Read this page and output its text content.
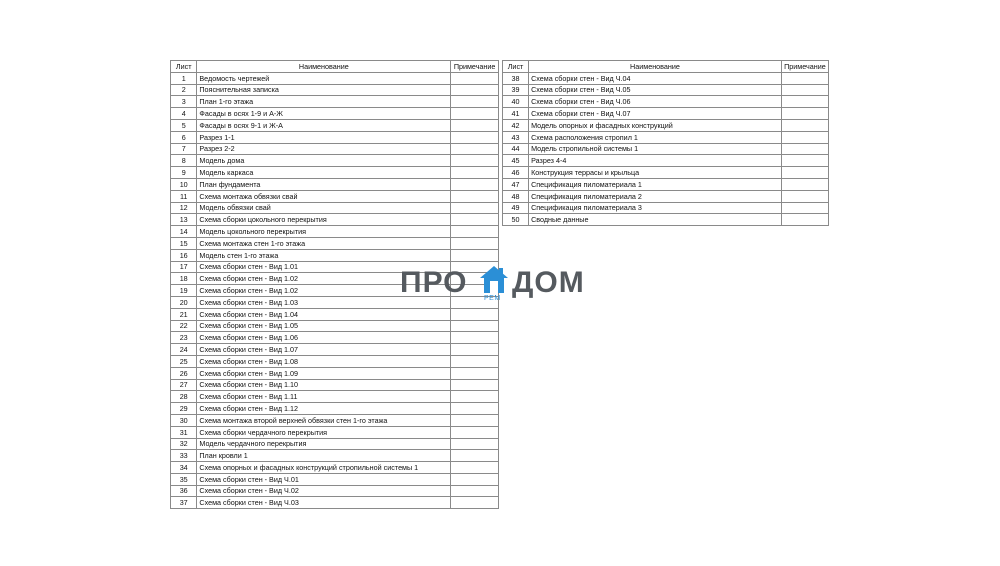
Лист	Наименование	Примечание
1	Ведомость чертежей	
2	Пояснительная записка	
3	План 1-го этажа	
4	Фасады в осях 1-9 и А-Ж	
5	Фасады в осях 9-1 и Ж-А	
6	Разрез 1-1	
7	Разрез 2-2	
8	Модель дома	
9	Модель каркаса	
10	План фундамента	
11	Схема монтажа обвязки свай	
12	Модель обвязки свай	
13	Схема сборки цокольного перекрытия	
14	Модель цокольного перекрытия	
15	Схема монтажа стен 1-го этажа	
16	Модель стен 1-го этажа	
17	Схема сборки стен - Вид 1.01	
18	Схема сборки стен - Вид 1.02	
19	Схема сборки стен - Вид 1.02	
20	Схема сборки стен - Вид 1.03	
21	Схема сборки стен - Вид 1.04	
22	Схема сборки стен - Вид 1.05	
23	Схема сборки стен - Вид 1.06	
24	Схема сборки стен - Вид 1.07	
25	Схема сборки стен - Вид 1.08	
26	Схема сборки стен - Вид 1.09	
27	Схема сборки стен - Вид 1.10	
28	Схема сборки стен - Вид 1.11	
29	Схема сборки стен - Вид 1.12	
30	Схема монтажа второй верхней обвязки стен 1-го этажа	
31	Схема сборки чердачного перекрытия	
32	Модель чердачного перекрытия	
33	План кровли 1	
34	Схема опорных и фасадных конструкций стропильной системы 1	
35	Схема сборки стен - Вид Ч.01	
36	Схема сборки стен - Вид Ч.02	
37	Схема сборки стен - Вид Ч.03	
Лист	Наименование	Примечание
38	Схема сборки стен - Вид Ч.04	
39	Схема сборки стен - Вид Ч.05	
40	Схема сборки стен - Вид Ч.06	
41	Схема сборки стен - Вид Ч.07	
42	Модель опорных и фасадных конструкций	
43	Схема расположения стропил 1	
44	Модель стропильной системы 1	
45	Разрез 4-4	
46	Конструкция террасы и крыльца	
47	Спецификация пиломатериала 1	
48	Спецификация пиломатериала 2	
49	Спецификация пиломатериала 3	
50	Сводные данные	
ПРО РЕМ ДОМ
